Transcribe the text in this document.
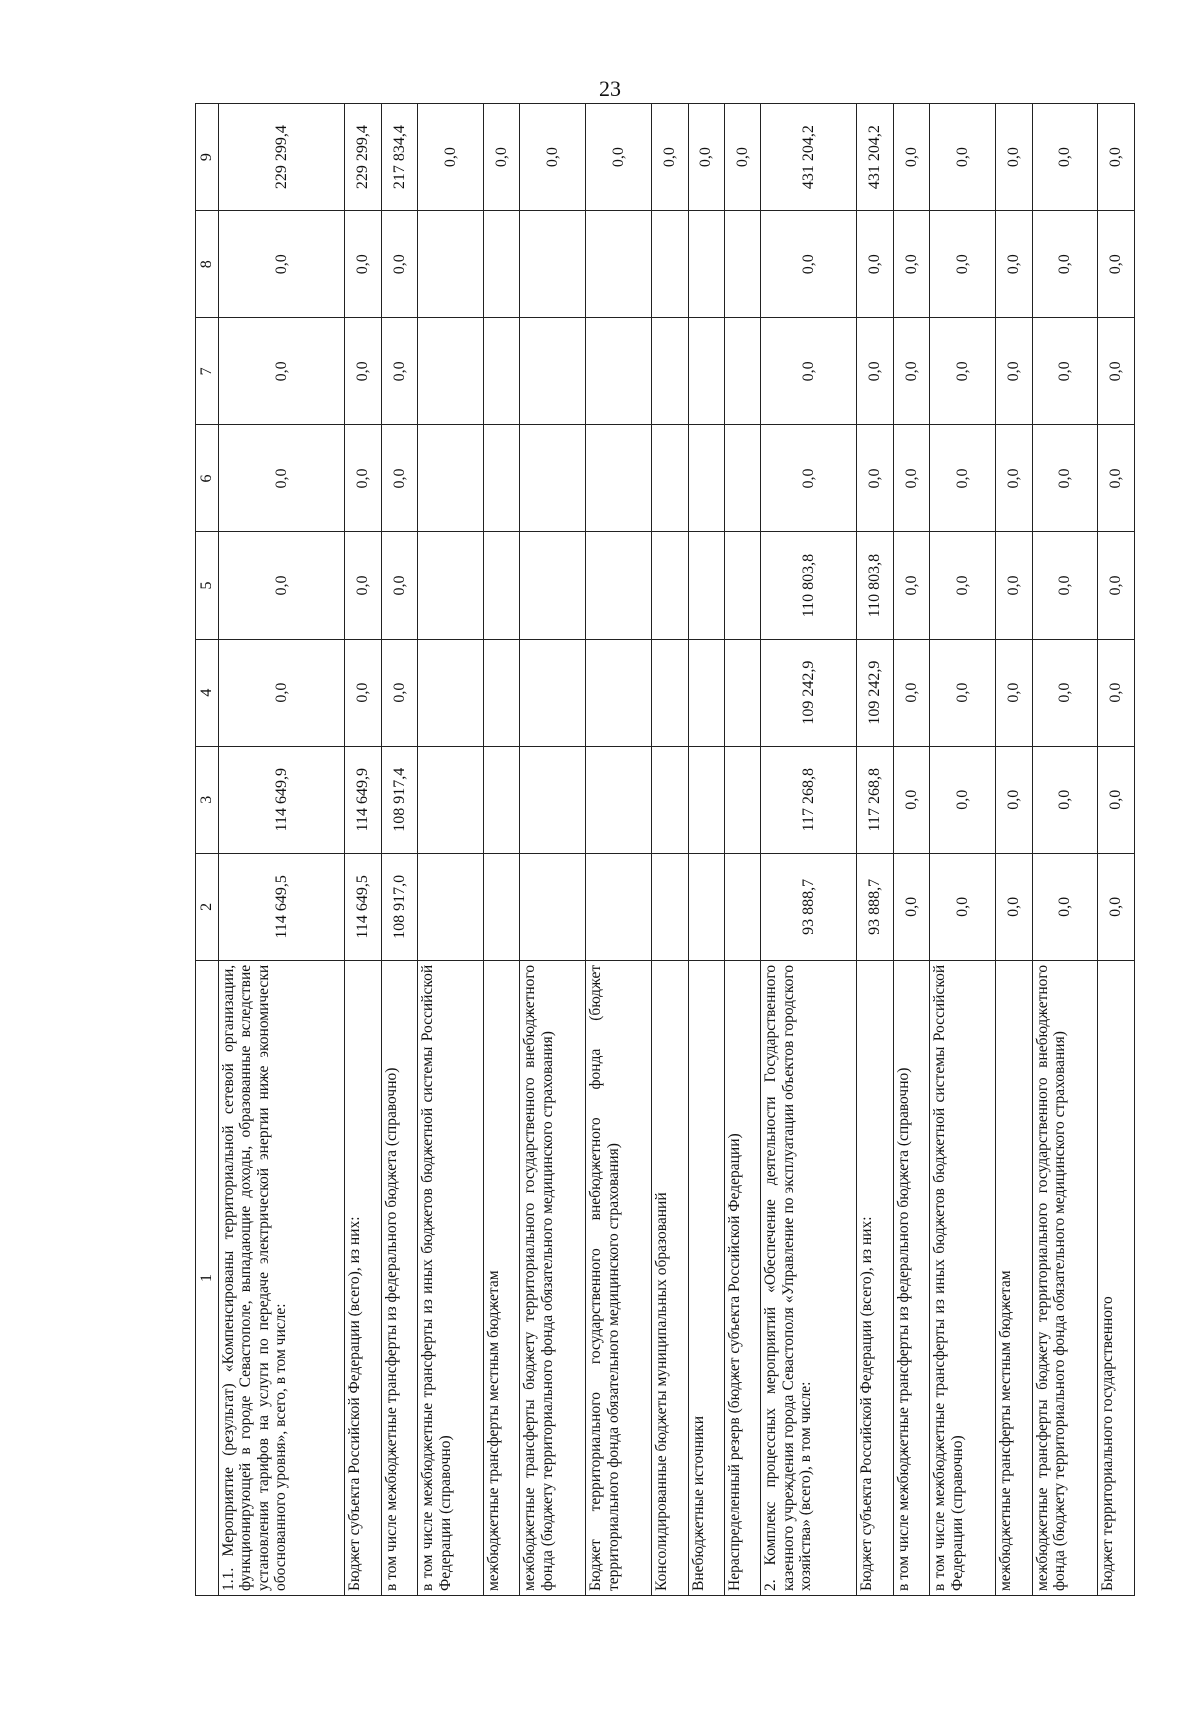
23
1	2	3	4	5	6	7	8	9
1.1. Мероприятие (результат) «Компенсированы территориальной сетевой организации, функционирующей в городе Севастополе, выпадающие доходы, образованные вследствие установления тарифов на услуги по передаче электрической энергии ниже экономически обоснованного уровня», всего, в том числе:	114 649,5	114 649,9	0,0	0,0	0,0	0,0	0,0	229 299,4
Бюджет субъекта Российской Федерации (всего), из них:	114 649,5	114 649,9	0,0	0,0	0,0	0,0	0,0	229 299,4
в том числе межбюджетные трансферты из федерального бюджета (справочно)	108 917,0	108 917,4	0,0	0,0	0,0	0,0	0,0	217 834,4
в том числе межбюджетные трансферты из иных бюджетов бюджетной системы Российской Федерации (справочно)								0,0
межбюджетные трансферты местным бюджетам								0,0
межбюджетные трансферты бюджету территориального государственного внебюджетного фонда (бюджету территориального фонда обязательного медицинского страхования)								0,0
Бюджет территориального государственного внебюджетного фонда (бюджет территориального фонда обязательного медицинского страхования)								0,0
Консолидированные бюджеты муниципальных образований								0,0
Внебюджетные источники								0,0
Нераспределенный резерв (бюджет субъекта Российской Федерации)								0,0
2. Комплекс процессных мероприятий «Обеспечение деятельности Государственного казенного учреждения города Севастополя «Управление по эксплуатации объектов городского хозяйства» (всего), в том числе:	93 888,7	117 268,8	109 242,9	110 803,8	0,0	0,0	0,0	431 204,2
Бюджет субъекта Российской Федерации (всего), из них:	93 888,7	117 268,8	109 242,9	110 803,8	0,0	0,0	0,0	431 204,2
в том числе межбюджетные трансферты из федерального бюджета (справочно)	0,0	0,0	0,0	0,0	0,0	0,0	0,0	0,0
в том числе межбюджетные трансферты из иных бюджетов бюджетной системы Российской Федерации (справочно)	0,0	0,0	0,0	0,0	0,0	0,0	0,0	0,0
межбюджетные трансферты местным бюджетам	0,0	0,0	0,0	0,0	0,0	0,0	0,0	0,0
межбюджетные трансферты бюджету территориального государственного внебюджетного фонда (бюджету территориального фонда обязательного медицинского страхования)	0,0	0,0	0,0	0,0	0,0	0,0	0,0	0,0
Бюджет территориального государственного	0,0	0,0	0,0	0,0	0,0	0,0	0,0	0,0
